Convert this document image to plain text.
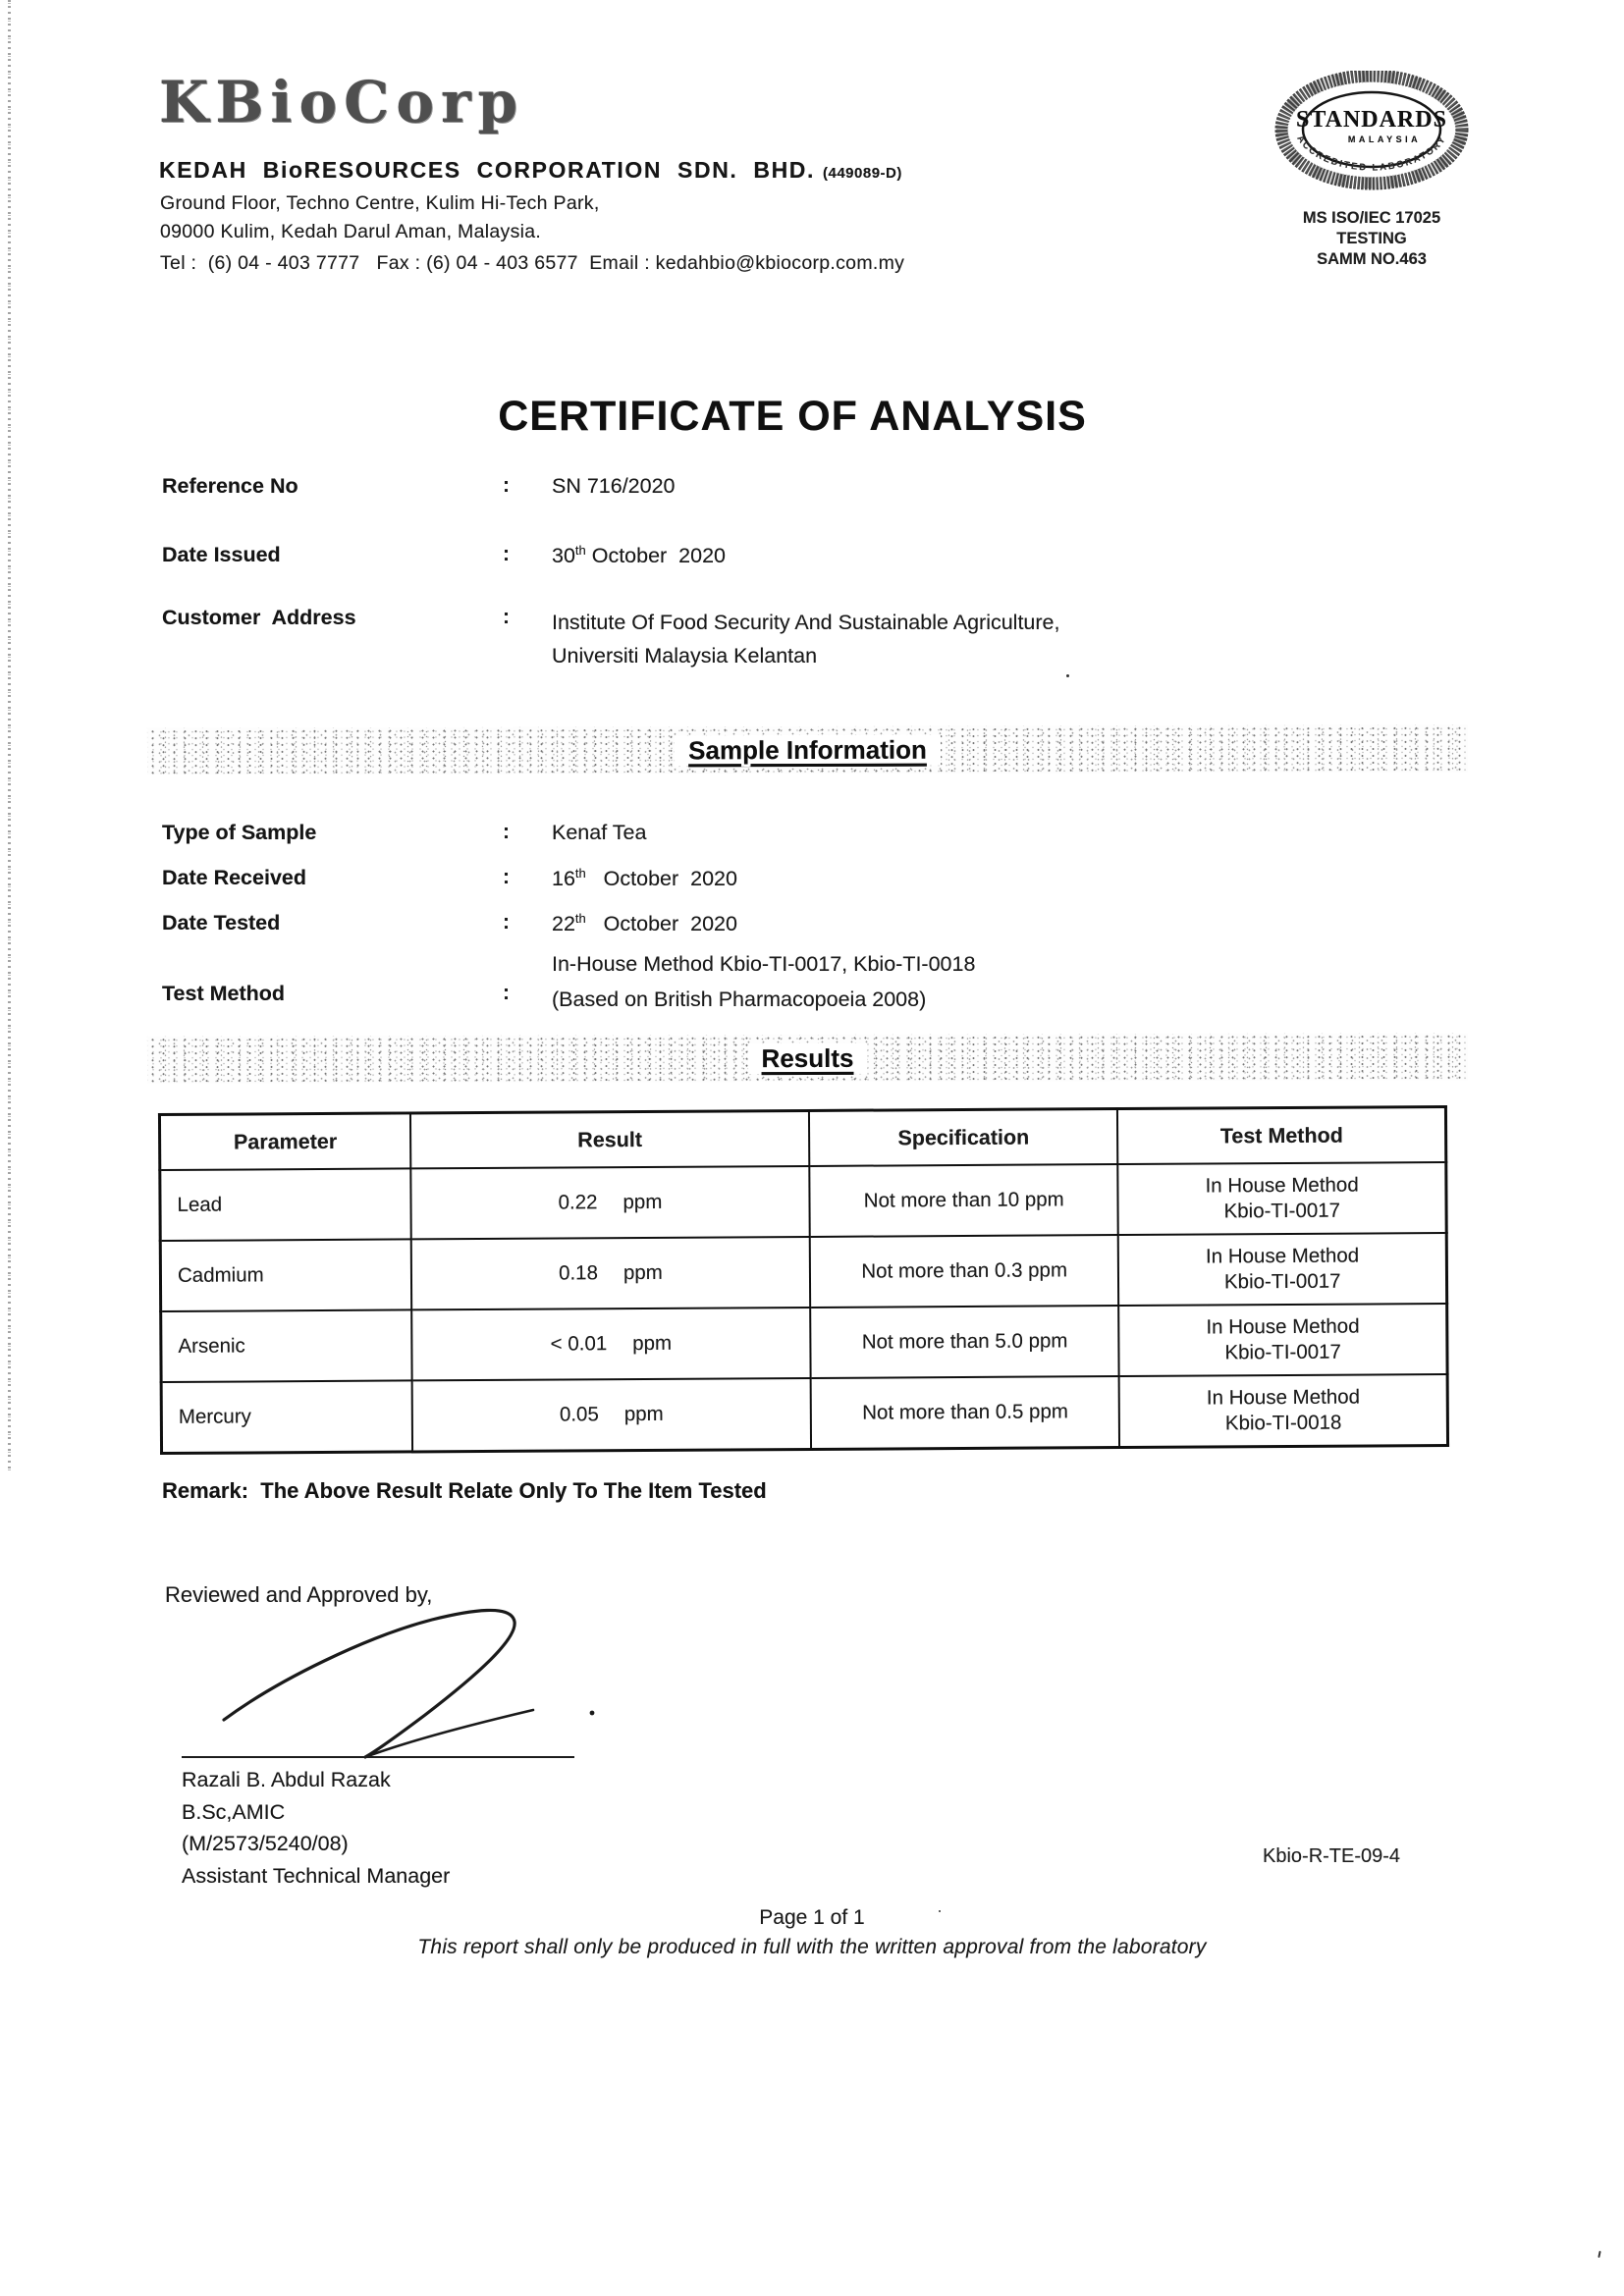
KBioCorp
KEDAH  BioRESOURCES  CORPORATION  SDN.  BHD. (449089-D)
Ground Floor, Techno Centre, Kulim Hi-Tech Park,
09000 Kulim, Kedah Darul Aman, Malaysia.
Tel :  (6) 04 - 403 7777   Fax : (6) 04 - 403 6577  Email : kedahbio@kbiocorp.com.my
STANDARDS
MALAYSIA
ACCREDITED LABORATORY
MS ISO/IEC 17025
TESTING
SAMM NO.463
CERTIFICATE OF ANALYSIS
Reference No	: SN 716/2020
Date Issued	: 30th October  2020
Customer  Address	: Institute Of Food Security And Sustainable Agriculture,
Universiti Malaysia Kelantan
Sample Information
Type of Sample	: Kenaf Tea
Date Received	: 16th   October  2020
Date Tested	: 22th   October  2020
Test Method	:
In-House Method Kbio-TI-0017, Kbio-TI-0018
(Based on British Pharmacopoeia 2008)
Results
Parameter	Result	Specification	Test Method
Lead	0.22 ppm	Not more than 10 ppm	In House Method
Kbio-TI-0017

Cadmium	0.18 ppm	Not more than 0.3 ppm	In House Method
Kbio-TI-0017

Arsenic	< 0.01 ppm	Not more than 5.0 ppm	In House Method
Kbio-TI-0017

Mercury	0.05 ppm	Not more than 0.5 ppm	In House Method
Kbio-TI-0018
Remark:  The Above Result Relate Only To The Item Tested
Reviewed and Approved by,
Razali B. Abdul Razak
B.Sc,AMIC
(M/2573/5240/08)
Assistant Technical Manager
Kbio-R-TE-09-4
Page 1 of 1
This report shall only be produced in full with the written approval from the laboratory
